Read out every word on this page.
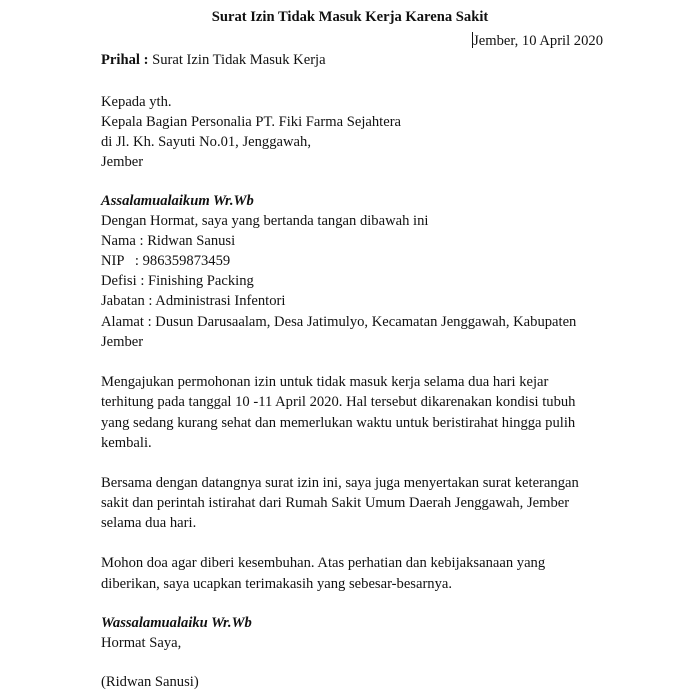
Surat Izin Tidak Masuk Kerja Karena Sakit
Jember, 10 April 2020
Prihal : Surat Izin Tidak Masuk Kerja
Kepada yth.
Kepala Bagian Personalia PT. Fiki Farma Sejahtera
di Jl. Kh. Sayuti No.01, Jenggawah,
Jember
Assalamualaikum Wr.Wb
Dengan Hormat, saya yang bertanda tangan dibawah ini
Nama : Ridwan Sanusi
NIP   : 986359873459
Defisi : Finishing Packing
Jabatan : Administrasi Infentori
Alamat : Dusun Darusaalam, Desa Jatimulyo, Kecamatan Jenggawah, Kabupaten
Jember
Mengajukan permohonan izin untuk tidak masuk kerja selama dua hari kejar
terhitung pada tanggal 10 -11 April 2020. Hal tersebut dikarenakan kondisi tubuh
yang sedang kurang sehat dan memerlukan waktu untuk beristirahat hingga pulih
kembali.
Bersama dengan datangnya surat izin ini, saya juga menyertakan surat keterangan
sakit dan perintah istirahat dari Rumah Sakit Umum Daerah Jenggawah, Jember
selama dua hari.
Mohon doa agar diberi kesembuhan. Atas perhatian dan kebijaksanaan yang
diberikan, saya ucapkan terimakasih yang sebesar-besarnya.
Wassalamualaiku Wr.Wb
Hormat Saya,
(Ridwan Sanusi)
